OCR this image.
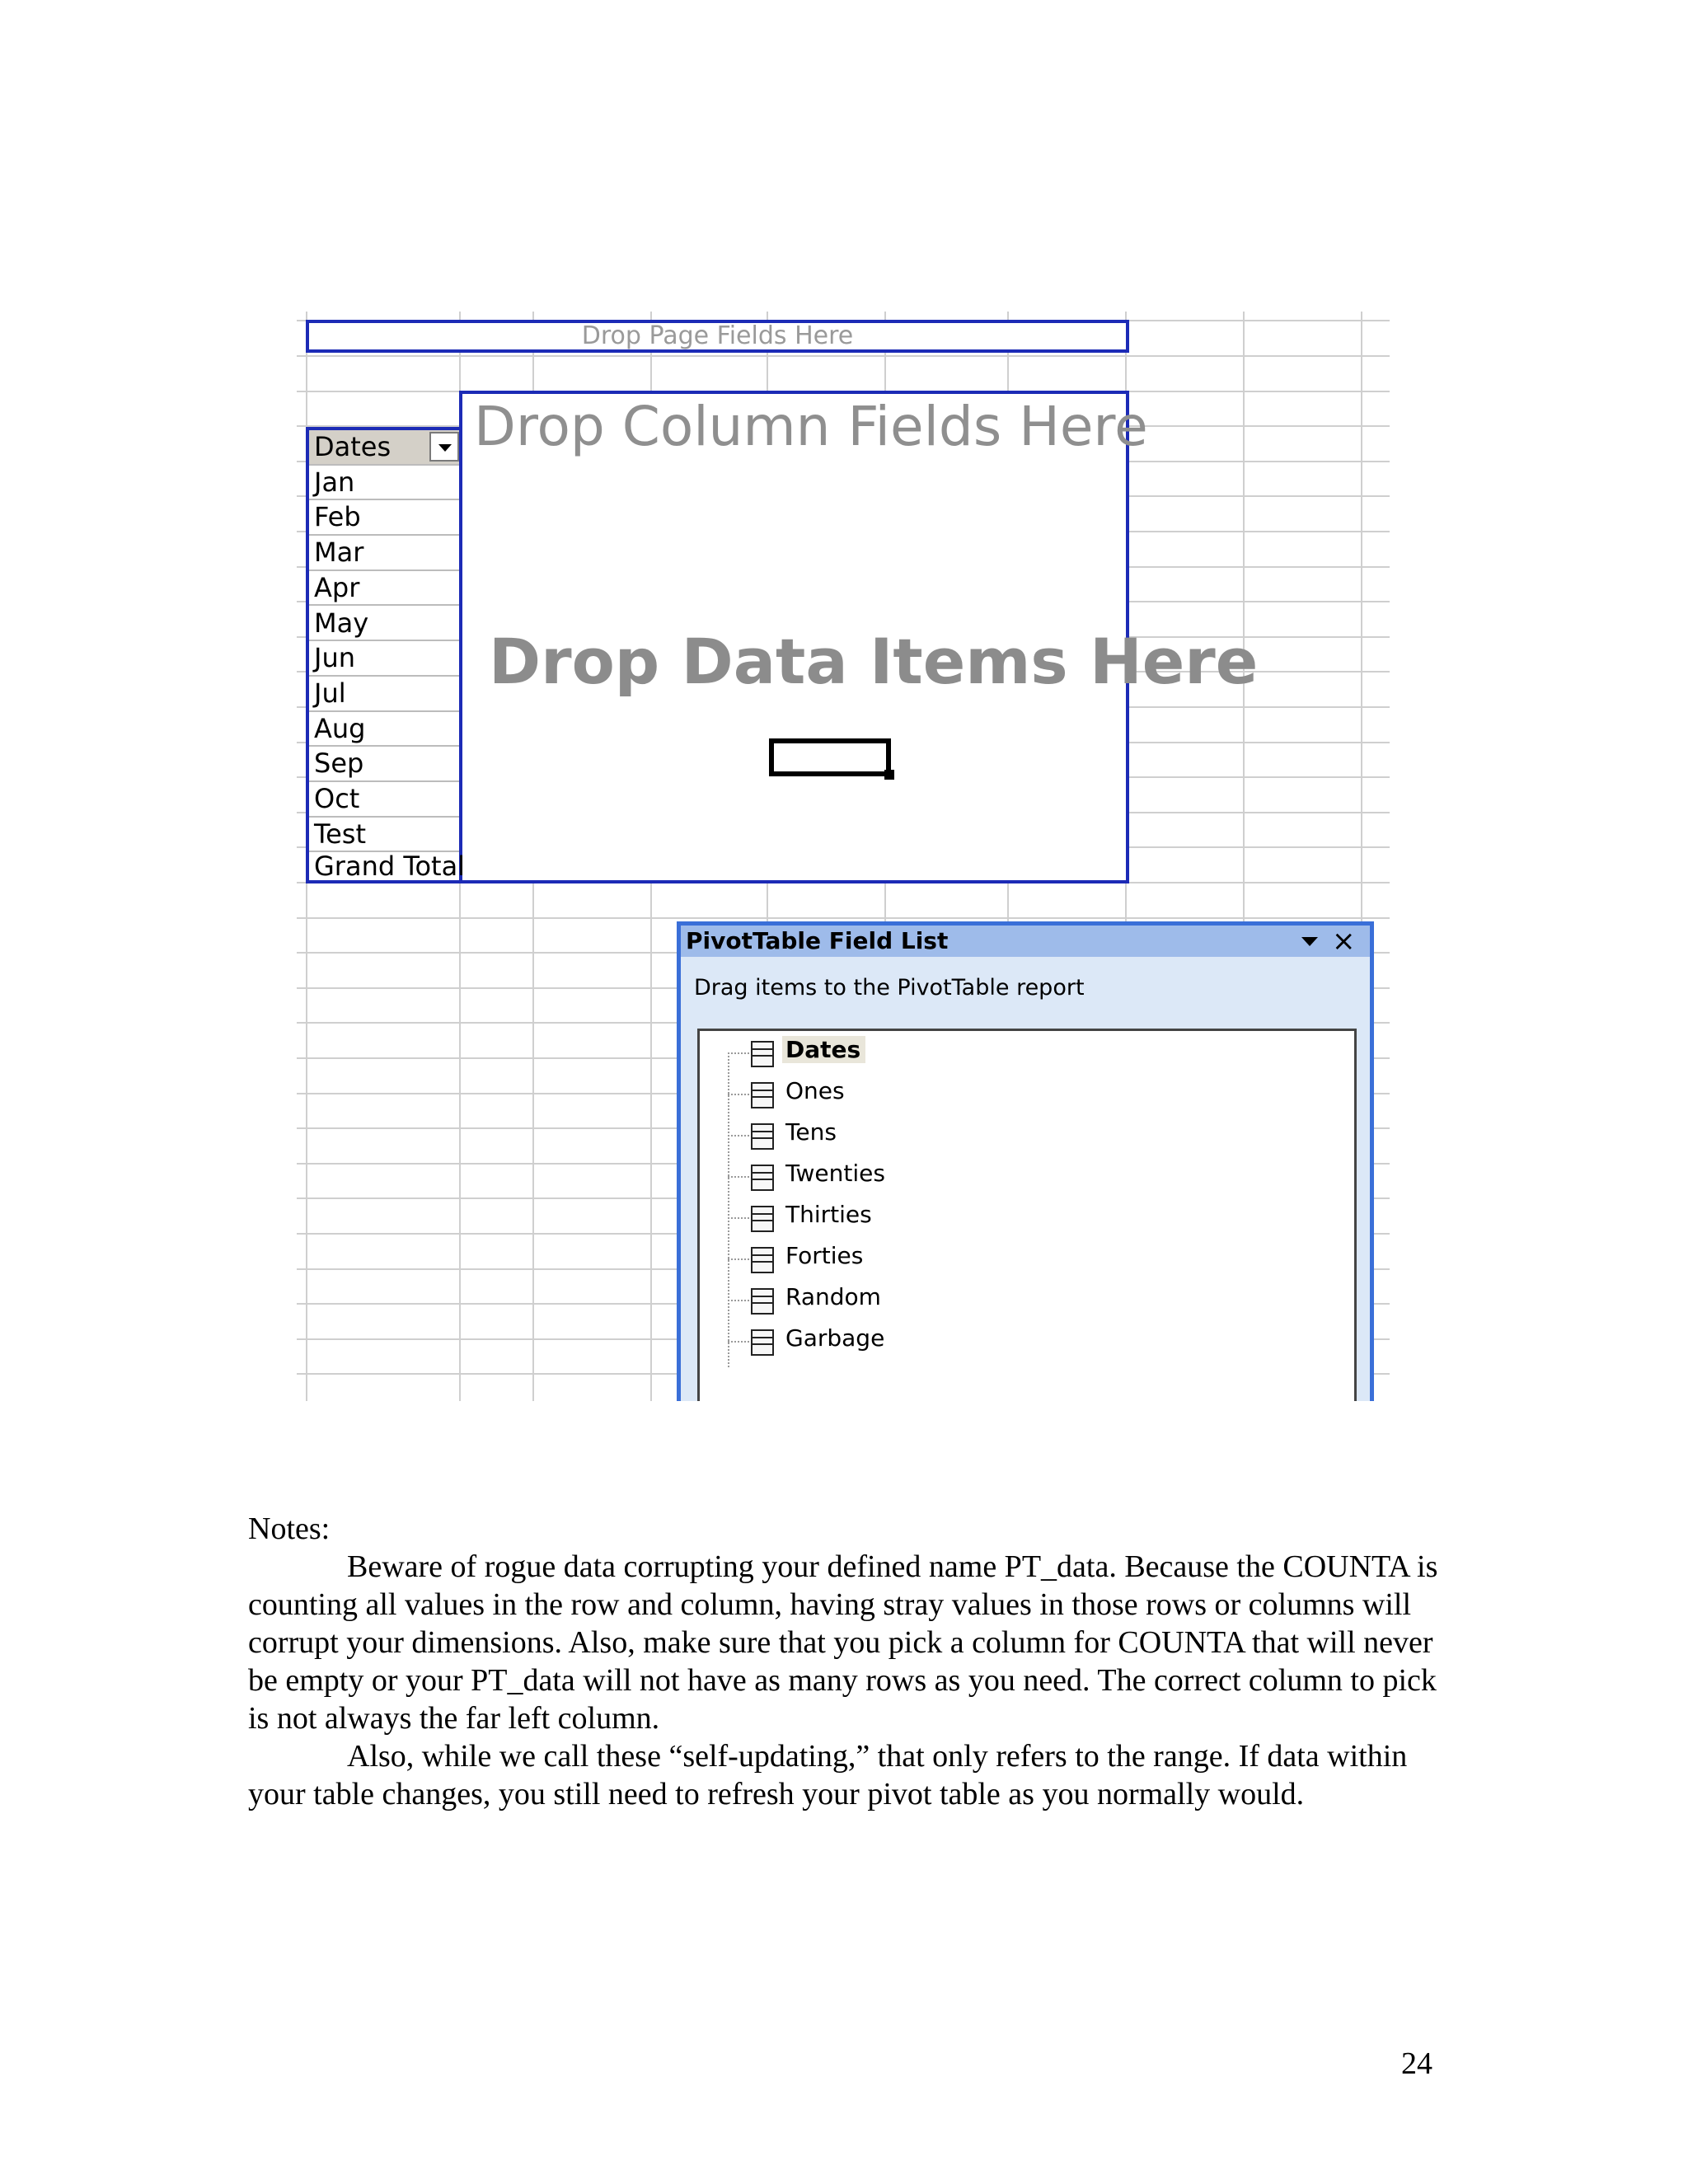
Drop Page Fields Here
Drop Column Fields Here
Drop Data Items Here
Dates
Jan
Feb
Mar
Apr
May
Jun
Jul
Aug
Sep
Oct
Test
Grand Total
PivotTable Field List	×
Drag items to the PivotTable report
Dates
Ones
Tens
Twenties
Thirties
Forties
Random
Garbage

Notes:

Beware of rogue data corrupting your defined name PT_data. Because the COUNTA is counting all values in the row and column, having stray values in those rows or columns will corrupt your dimensions. Also, make sure that you pick a column for COUNTA that will never be empty or your PT_data will not have as many rows as you need. The correct column to pick is not always the far left column.

Also, while we call these “self-updating,” that only refers to the range. If data within your table changes, you still need to refresh your pivot table as you normally would.

24
